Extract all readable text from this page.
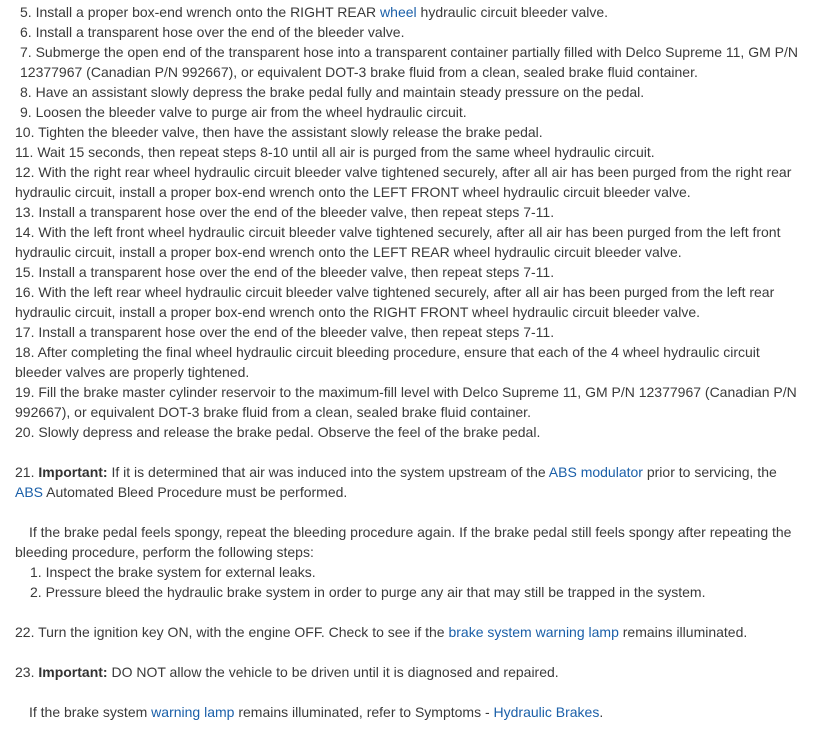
5. Install a proper box-end wrench onto the RIGHT REAR wheel hydraulic circuit bleeder valve.
6. Install a transparent hose over the end of the bleeder valve.
7. Submerge the open end of the transparent hose into a transparent container partially filled with Delco Supreme 11, GM P/N 12377967 (Canadian P/N 992667), or equivalent DOT-3 brake fluid from a clean, sealed brake fluid container.
8. Have an assistant slowly depress the brake pedal fully and maintain steady pressure on the pedal.
9. Loosen the bleeder valve to purge air from the wheel hydraulic circuit.
10. Tighten the bleeder valve, then have the assistant slowly release the brake pedal.
11. Wait 15 seconds, then repeat steps 8-10 until all air is purged from the same wheel hydraulic circuit.
12. With the right rear wheel hydraulic circuit bleeder valve tightened securely, after all air has been purged from the right rear hydraulic circuit, install a proper box-end wrench onto the LEFT FRONT wheel hydraulic circuit bleeder valve.
13. Install a transparent hose over the end of the bleeder valve, then repeat steps 7-11.
14. With the left front wheel hydraulic circuit bleeder valve tightened securely, after all air has been purged from the left front hydraulic circuit, install a proper box-end wrench onto the LEFT REAR wheel hydraulic circuit bleeder valve.
15. Install a transparent hose over the end of the bleeder valve, then repeat steps 7-11.
16. With the left rear wheel hydraulic circuit bleeder valve tightened securely, after all air has been purged from the left rear hydraulic circuit, install a proper box-end wrench onto the RIGHT FRONT wheel hydraulic circuit bleeder valve.
17. Install a transparent hose over the end of the bleeder valve, then repeat steps 7-11.
18. After completing the final wheel hydraulic circuit bleeding procedure, ensure that each of the 4 wheel hydraulic circuit bleeder valves are properly tightened.
19. Fill the brake master cylinder reservoir to the maximum-fill level with Delco Supreme 11, GM P/N 12377967 (Canadian P/N 992667), or equivalent DOT-3 brake fluid from a clean, sealed brake fluid container.
20. Slowly depress and release the brake pedal. Observe the feel of the brake pedal.
21. Important: If it is determined that air was induced into the system upstream of the ABS modulator prior to servicing, the ABS Automated Bleed Procedure must be performed.
If the brake pedal feels spongy, repeat the bleeding procedure again. If the brake pedal still feels spongy after repeating the bleeding procedure, perform the following steps:
1. Inspect the brake system for external leaks.
2. Pressure bleed the hydraulic brake system in order to purge any air that may still be trapped in the system.
22. Turn the ignition key ON, with the engine OFF. Check to see if the brake system warning lamp remains illuminated.
23. Important: DO NOT allow the vehicle to be driven until it is diagnosed and repaired.
If the brake system warning lamp remains illuminated, refer to Symptoms - Hydraulic Brakes.
